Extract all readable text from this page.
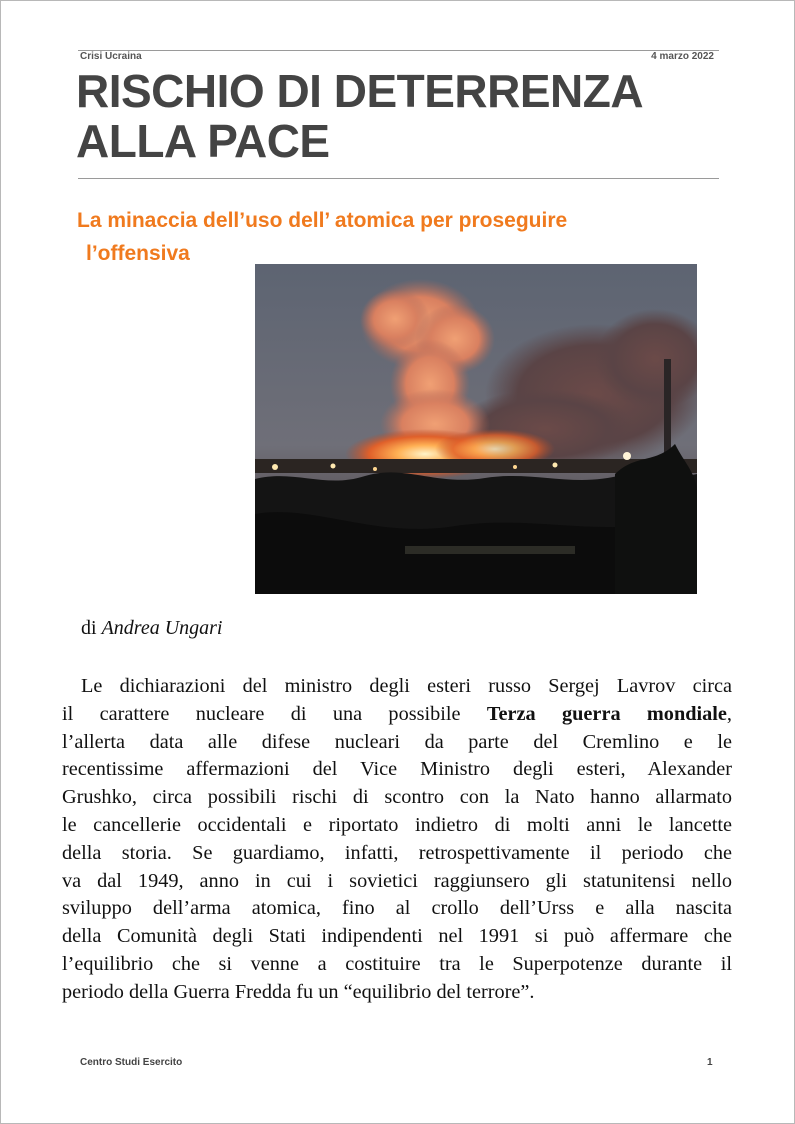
Crisi Ucraina	4 marzo 2022
RISCHIO DI DETERRENZA
ALLA PACE
La minaccia dell’uso dell’ atomica per proseguire
l’offensiva
di Andrea Ungari
Le dichiarazioni del ministro degli esteri russo Sergej Lavrov circa
il carattere nucleare di una possibile Terza guerra mondiale,
l’allerta data alle difese nucleari da parte del Cremlino e le
recentissime affermazioni del Vice Ministro degli esteri, Alexander
Grushko, circa possibili rischi di scontro con la Nato hanno allarmato
le cancellerie occidentali e riportato indietro di molti anni le lancette
della storia. Se guardiamo, infatti, retrospettivamente il periodo che
va dal 1949, anno in cui i sovietici raggiunsero gli statunitensi nello
sviluppo dell’arma atomica, fino al crollo dell’Urss e alla nascita
della Comunità degli Stati indipendenti nel 1991 si può affermare che
l’equilibrio che si venne a costituire tra le Superpotenze durante il
periodo della Guerra Fredda fu un “equilibrio del terrore”.
Centro Studi Esercito	1
